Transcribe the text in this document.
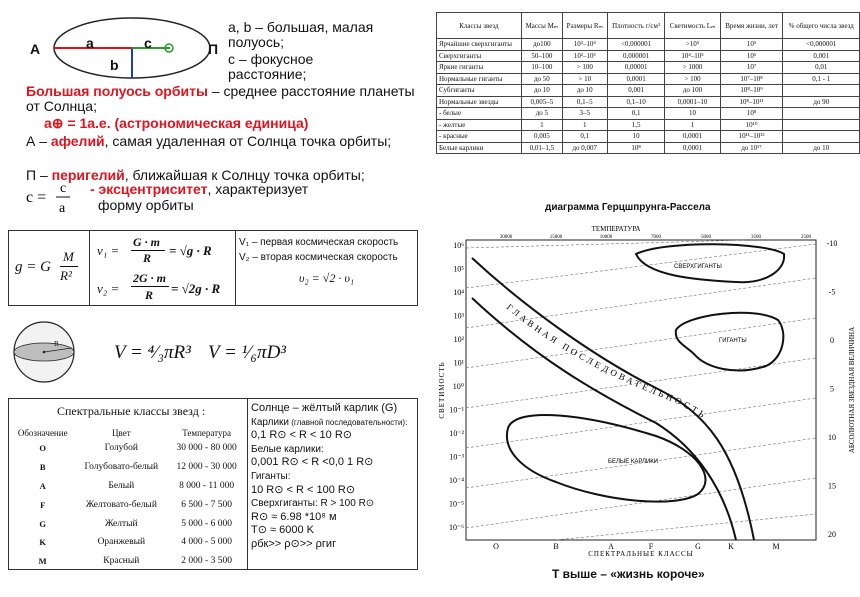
А	П
a
b
c
a, b – большая, малая полуось;
c – фокусное расстояние;
Большая полуось орбиты – среднее расстояние планеты от Солнца;
a⊕ = 1а.е. (астрономическая единица)
А – афелий, самая удаленная от Солнца точка орбиты;
П – перигелий, ближайшая к Солнцу точка орбиты;
c =
c
a
- эксцентриситет, характеризует
форму орбиты
Классы звезд	Массы Mₘ	Размеры Rₘ	Плотность г/см³	Светимость Lₘ	Время жизни, лет	% общего числа звезд
Ярчайшие сверхгиганты	до100	10³–10⁴	<0,000001	>10⁵	10⁵	<0,000001
Сверхгиганты	50–100	10²–10³	0,000001	10⁴–10⁵	10⁶	0,001
Яркие гиганты	10–100	> 100	0,00001	> 1000	10⁷	0,01
Нормальные гиганты	до 50	> 10	0,0001	> 100	10⁷–10⁸	0,1 - 1
Субгиганты	до 10	до 10	0,001	до 100	10⁸–10⁹	
Нормальные звезды	0,005–5	0,1–5	0,1–10	0,0001–10	10⁸–10¹¹	до 90
- белые	до 5	3–5	0,1	10	10⁸	
- желтые	1	1	1,5	1	10¹⁰	
- красные	0,005	0,1	10	0,0001	10¹¹–10¹³	
Белые карлики	0,01–1,5	до 0,007	10⁸	0,0001	до 10¹⁷	до 10
g = G
M
R²
v₁ =
G · m
R = √g · R
v₂ =
2G · m
R = √2g · R
V₁ – первая космическая скорость
V₂ – вторая космическая скорость
υ₂ = √2 · υ₁
R	V = ⁴⁄₃πR³ V = ¹⁄₆πD³
Спектральные классы звезд :
Обозначение	Цвет	Температура
O	Голубой	30 000 - 80 000
B	Голубовато-белый	12 000 - 30 000
A	Белый	8 000 - 11 000
F	Желтовато-белый	6 500 - 7 500
G	Желтый	5 000 - 6 000
K	Оранжевый	4 000 - 5 000
M	Красный	2 000 - 3 500
Солнце – жёлтый карлик (G)
Карлики (главной последовательности):
0,1 R⊙ < R < 10 R⊙
Белые карлики:
0,001 R⊙ < R <0,0 1 R⊙
Гиганты:
10 R⊙ < R < 100 R⊙
Сверхгиганты: R > 100 R⊙
R⊙ ≈ 6.98 *10⁸ м
T⊙ ≈ 6000 K
ρбк>> ρ⊙>> ρгиг
диаграмма Герцшпрунга-Рассела
СВЕРХГИГАНТЫ
ГИГАНТЫ
БЕЛЫЕ КАРЛИКИ
ГЛАВНАЯ ПОСЛЕДОВАТЕЛЬНОСТЬ
30000	15000	10000	7000	5000	3500	2500
10⁶
10⁵
10⁴
10³
10²
10¹
10⁰
10⁻¹
10⁻²
10⁻³
10⁻⁴
10⁻⁵
10⁻⁶
-10
-5
0
5
10
15
20
O	B	A	F	G	K	M
ТЕМПЕРАТУРА
СПЕКТРАЛЬНЫЕ КЛАССЫ
СВЕТИМОСТЬ	АБСОЛЮТНАЯ ЗВЕЗДНАЯ ВЕЛИЧИНА
T выше – «жизнь короче»
